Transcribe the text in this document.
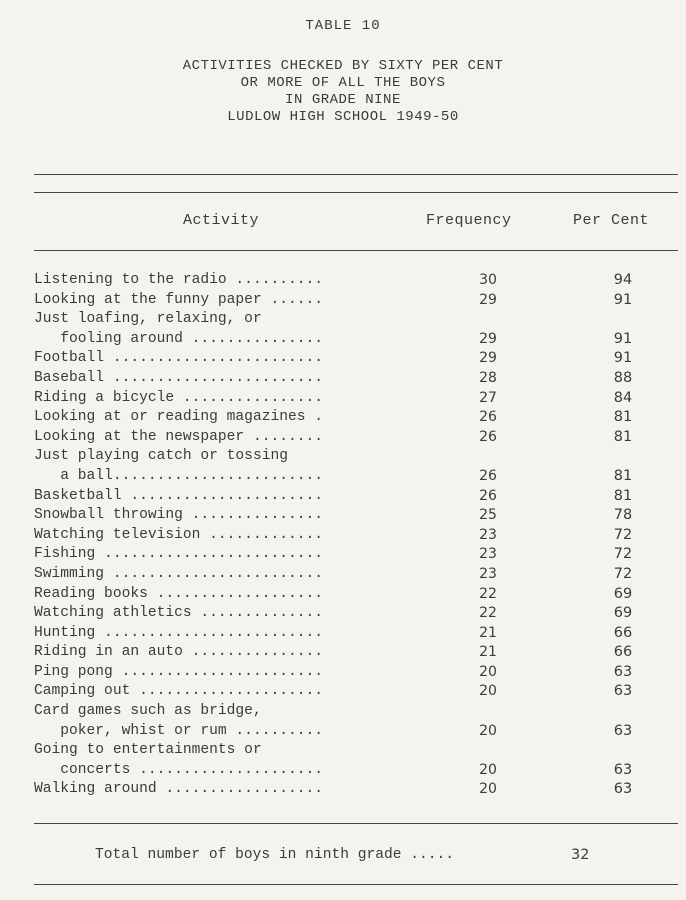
TABLE 10
ACTIVITIES CHECKED BY SIXTY PER CENT
OR MORE OF ALL THE BOYS
IN GRADE NINE
LUDLOW HIGH SCHOOL 1949-50
Activity	Frequency	Per Cent
Listening to the radio ..........	30	94
Looking at the funny paper ......	29	91
Just loafing, relaxing, or
fooling around ...............	29	91
Football ........................	29	91
Baseball ........................	28	88
Riding a bicycle ................	27	84
Looking at or reading magazines .	26	81
Looking at the newspaper ........	26	81
Just playing catch or tossing
a ball........................	26	81
Basketball ......................	26	81
Snowball throwing ...............	25	78
Watching television .............	23	72
Fishing .........................	23	72
Swimming ........................	23	72
Reading books ...................	22	69
Watching athletics ..............	22	69
Hunting .........................	21	66
Riding in an auto ...............	21	66
Ping pong .......................	20	63
Camping out .....................	20	63
Card games such as bridge,
poker, whist or rum ..........	20	63
Going to entertainments or
concerts .....................	20	63
Walking around ..................	20	63
Total number of boys in ninth grade .....	32
